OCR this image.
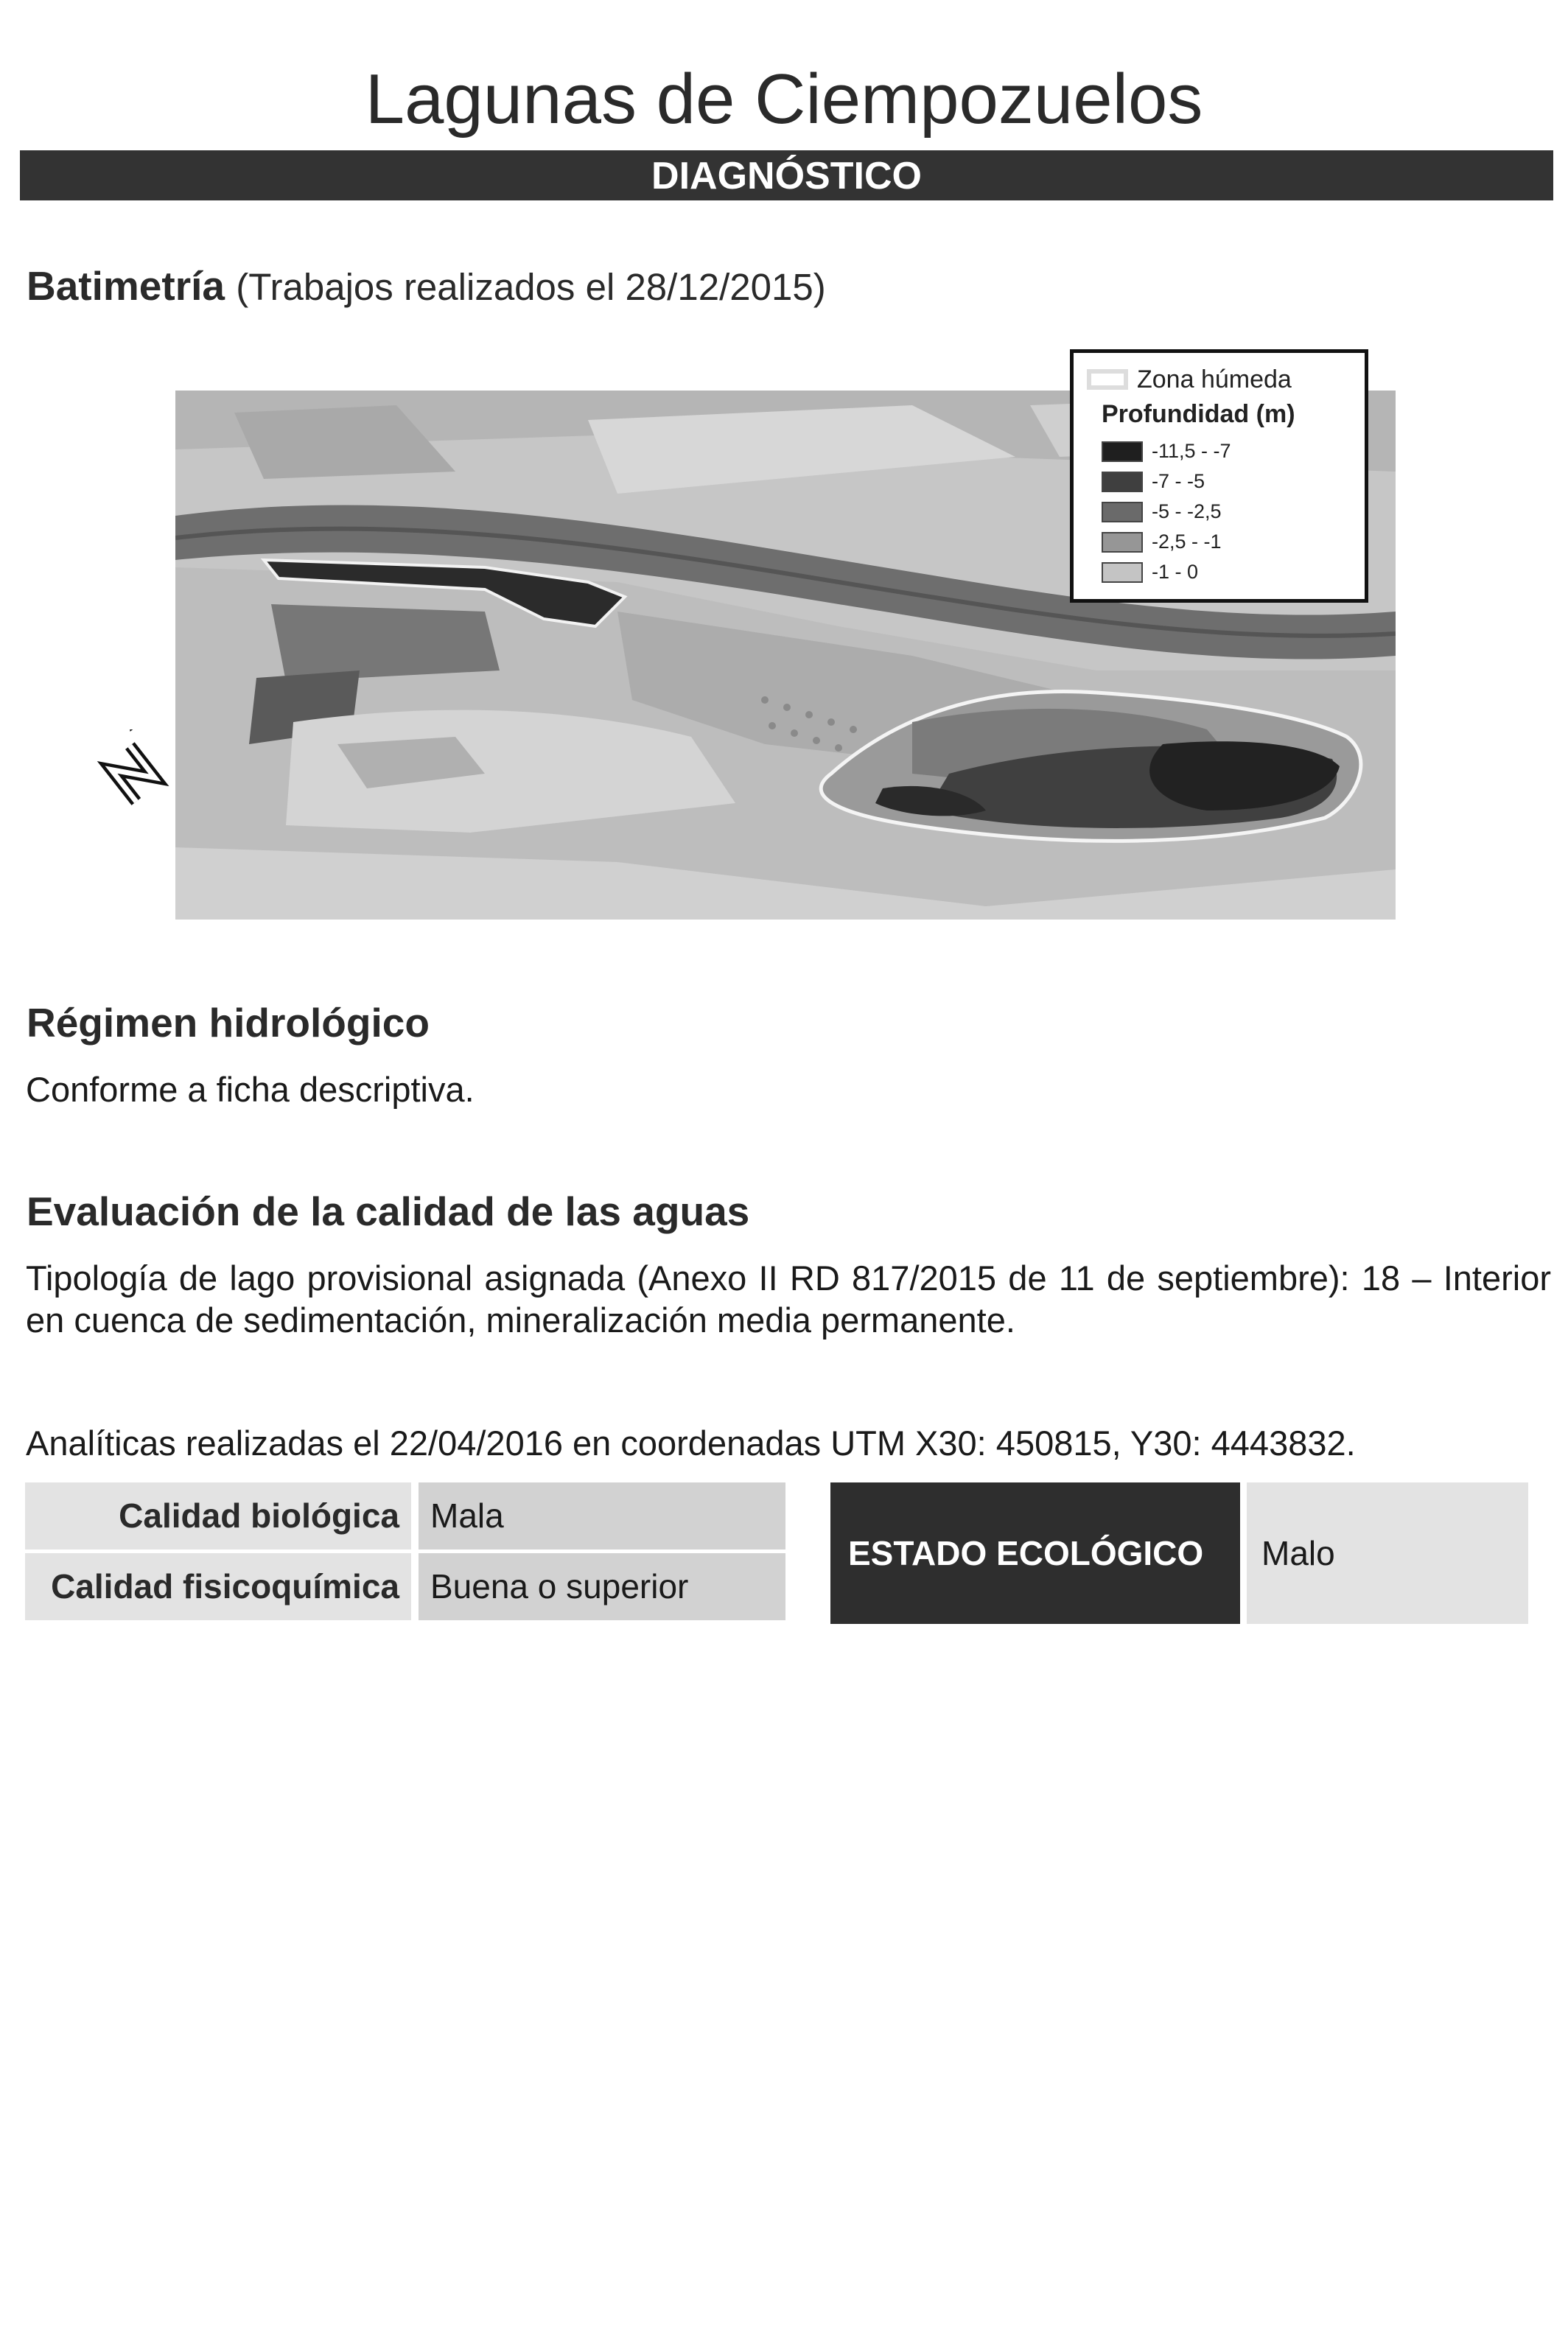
Lagunas de Ciempozuelos
DIAGNÓSTICO
Batimetría (Trabajos realizados el 28/12/2015)
Zona húmeda
Profundidad (m)
-11,5 - -7
-7 - -5
-5 - -2,5
-2,5 - -1
-1 - 0
Régimen hidrológico

Conforme a ficha descriptiva.

Evaluación de la calidad de las aguas

Tipología de lago provisional asignada (Anexo II RD 817/2015 de 11 de septiembre): 18 – Interior en cuenca de sedimentación, mineralización media permanente.

Analíticas realizadas el 22/04/2016 en coordenadas UTM X30: 450815, Y30: 4443832.

Calidad biológica Mala
Calidad fisicoquímica Buena o superior
ESTADO ECOLÓGICO	Malo
